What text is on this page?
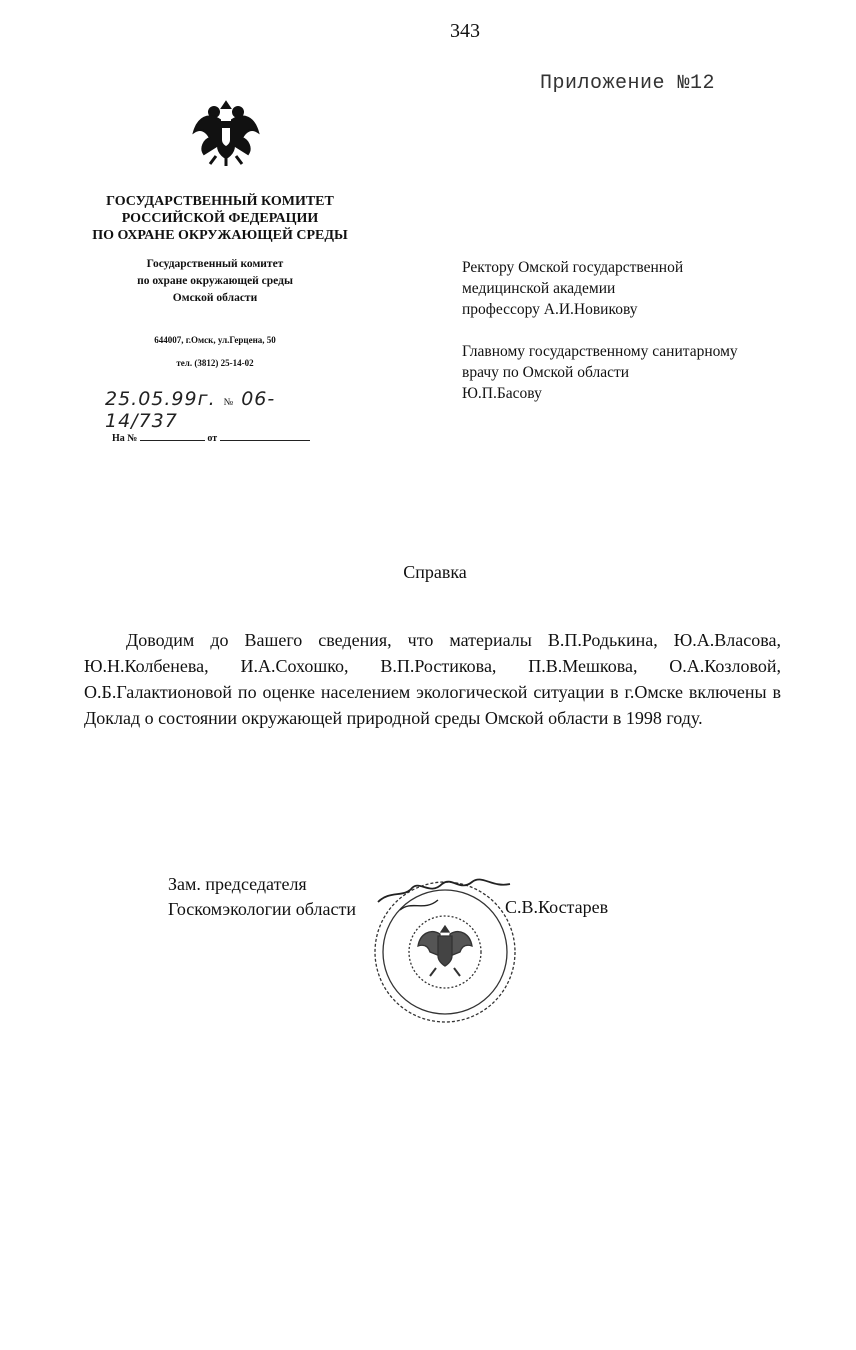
343
Приложение №12
ГОСУДАРСТВЕННЫЙ КОМИТЕТ
РОССИЙСКОЙ ФЕДЕРАЦИИ
ПО ОХРАНЕ ОКРУЖАЮЩЕЙ СРЕДЫ
Государственный комитет
по охране окружающей среды
Омской области
644007, г.Омск, ул.Герцена, 50
тел. (3812) 25-14-02
25.05.99г. № 06-14/737
На №	от
Ректору Омской государственной
медицинской академии
профессору А.И.Новикову
Главному государственному санитарному
врачу по Омской области
Ю.П.Басову
Справка
Доводим до Вашего сведения, что материалы В.П.Родькина, Ю.А.Власова, Ю.Н.Колбенева, И.А.Сохошко, В.П.Ростикова, П.В.Мешкова, О.А.Козловой, О.Б.Галактионовой по оценке населением экологической ситуации в г.Омске включены в Доклад о состоянии окружающей природной среды Омской области в 1998 году.
Зам. председателя
Госкомэкологии области	С.В.Костарев
